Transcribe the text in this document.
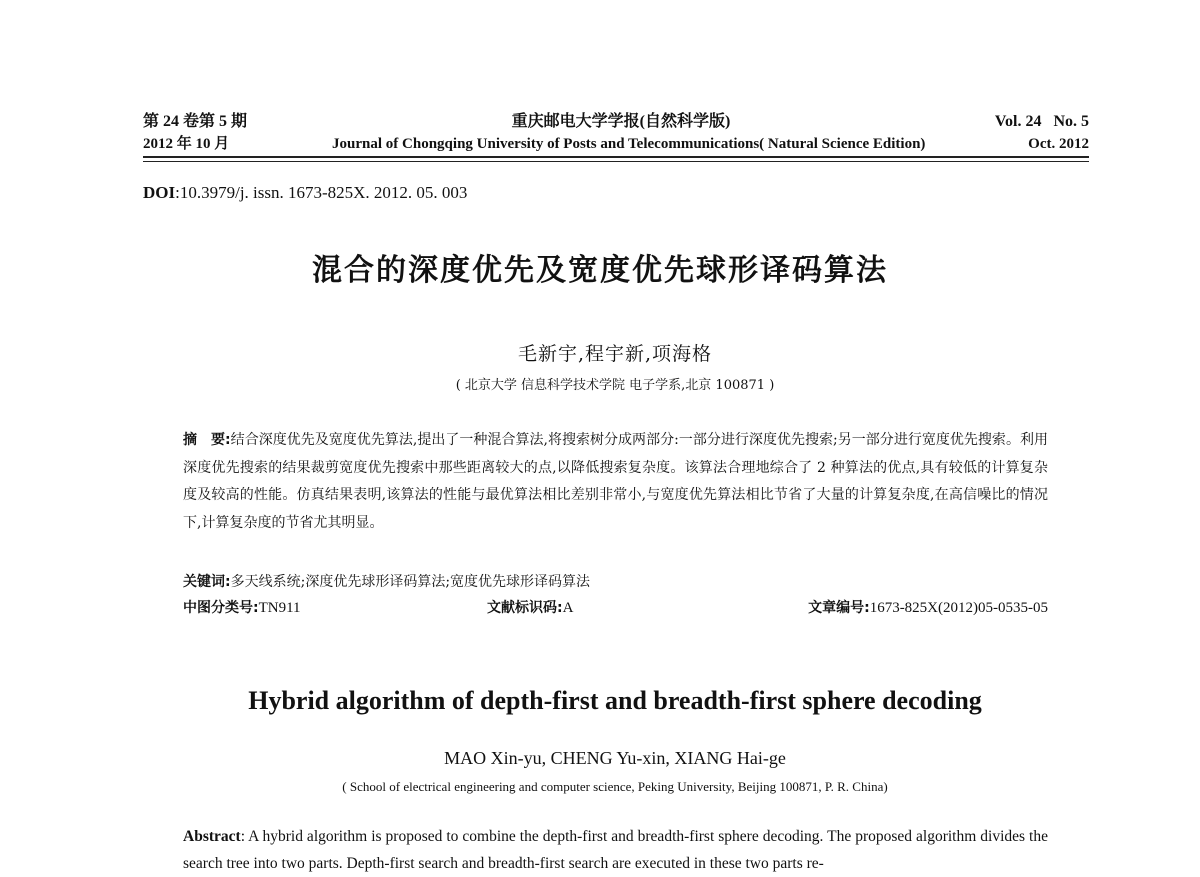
第 24 卷第 5 期	重庆邮电大学学报(自然科学版)	Vol. 24   No. 5
2012 年 10 月	Journal of Chongqing University of Posts and Telecommunications( Natural Science Edition)	Oct. 2012
DOI:10.3979/j. issn. 1673-825X. 2012. 05. 003
混合的深度优先及宽度优先球形译码算法
毛新宇,程宇新,项海格
( 北京大学 信息科学技术学院 电子学系,北京 100871 )
摘　要:结合深度优先及宽度优先算法,提出了一种混合算法,将搜索树分成两部分:一部分进行深度优先搜索;另一部分进行宽度优先搜索。利用深度优先搜索的结果裁剪宽度优先搜索中那些距离较大的点,以降低搜索复杂度。该算法合理地综合了 2 种算法的优点,具有较低的计算复杂度及较高的性能。仿真结果表明,该算法的性能与最优算法相比差别非常小,与宽度优先算法相比节省了大量的计算复杂度,在高信噪比的情况下,计算复杂度的节省尤其明显。
关键词:多天线系统;深度优先球形译码算法;宽度优先球形译码算法
中图分类号:TN911	文献标识码:A	文章编号:1673-825X(2012)05-0535-05
Hybrid algorithm of depth-first and breadth-first sphere decoding
MAO Xin-yu, CHENG Yu-xin, XIANG Hai-ge
( School of electrical engineering and computer science, Peking University, Beijing 100871, P. R. China)
Abstract: A hybrid algorithm is proposed to combine the depth-first and breadth-first sphere decoding. The proposed algorithm divides the search tree into two parts. Depth-first search and breadth-first search are executed in these two parts re-
